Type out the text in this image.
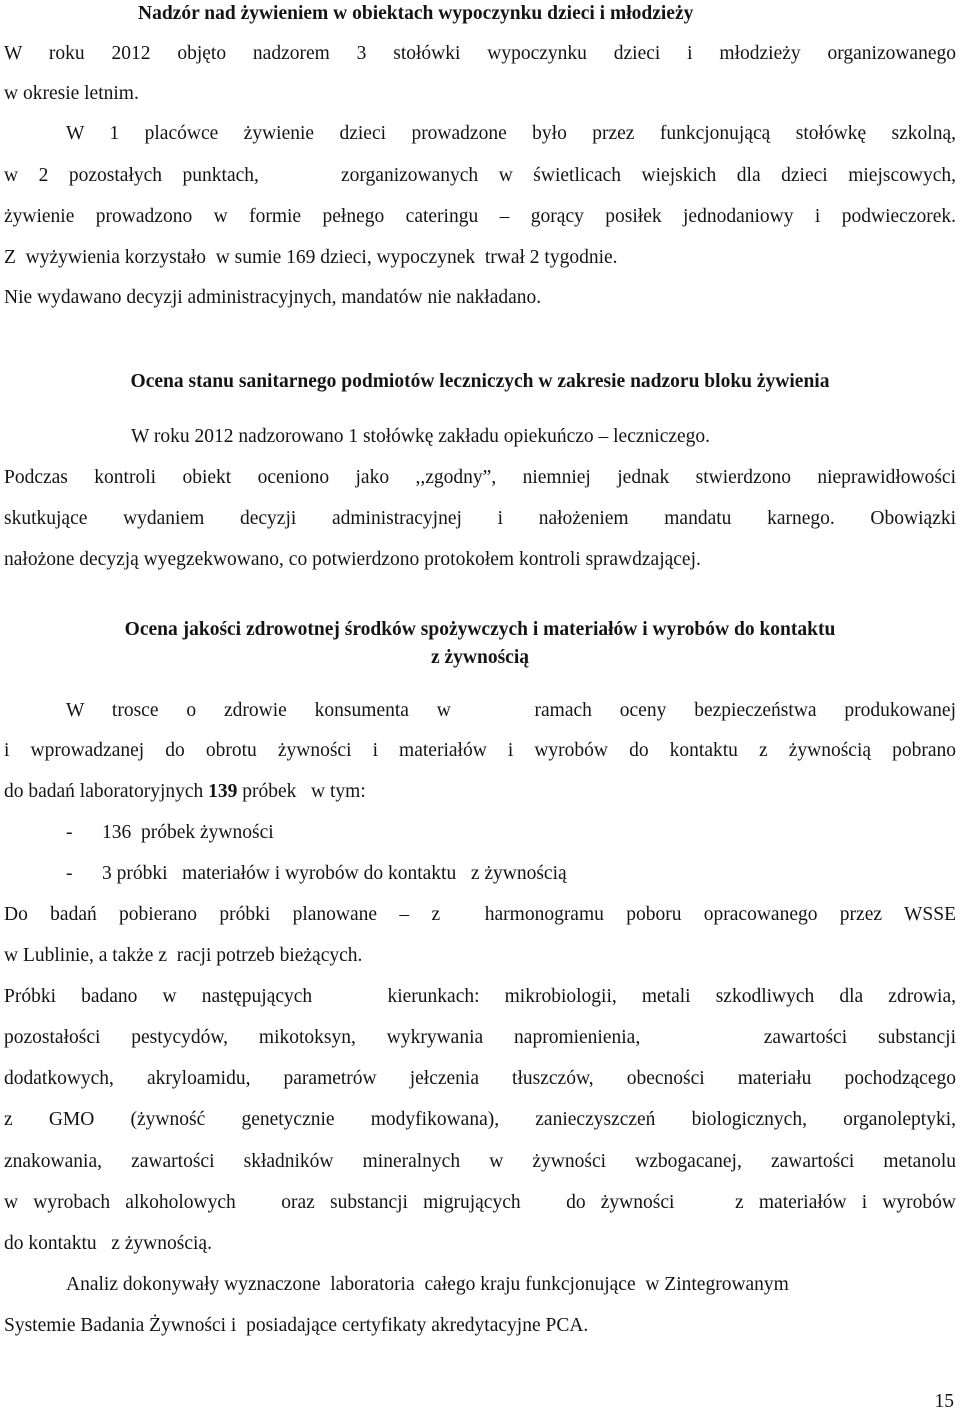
Nadzór nad żywieniem w obiektach wypoczynku dzieci i młodzieży
W roku 2012 objęto nadzorem 3 stołówki wypoczynku dzieci i młodzieży organizowanego
w okresie letnim.
W 1 placówce żywienie dzieci prowadzone było przez funkcjonującą stołówkę szkolną,
w 2 pozostałych punktach,    zorganizowanych w świetlicach wiejskich dla dzieci miejscowych,
żywienie prowadzono w formie pełnego cateringu – gorący posiłek jednodaniowy i podwieczorek.
Z  wyżywienia korzystało  w sumie 169 dzieci, wypoczynek  trwał 2 tygodnie.
Nie wydawano decyzji administracyjnych, mandatów nie nakładano.
Ocena stanu sanitarnego podmiotów leczniczych w zakresie nadzoru bloku żywienia
W roku 2012 nadzorowano 1 stołówkę zakładu opiekuńczo – leczniczego.
Podczas kontroli obiekt oceniono jako ,,zgodny”, niemniej jednak stwierdzono nieprawidłowości
skutkujące wydaniem decyzji administracyjnej i nałożeniem mandatu karnego. Obowiązki
nałożone decyzją wyegzekwowano, co potwierdzono protokołem kontroli sprawdzającej.
Ocena jakości zdrowotnej środków spożywczych i materiałów i wyrobów do kontaktu
z żywnością
W trosce o zdrowie konsumenta w   ramach oceny bezpieczeństwa produkowanej
i wprowadzanej do obrotu żywności i materiałów i wyrobów do kontaktu z żywnością pobrano
do badań laboratoryjnych 139 próbek   w tym:
- 136  próbek żywności
- 3 próbki   materiałów i wyrobów do kontaktu   z żywnością
Do badań pobierano próbki planowane – z  harmonogramu poboru opracowanego przez WSSE
w Lublinie, a także z  racji potrzeb bieżących.
Próbki badano w następujących   kierunkach: mikrobiologii, metali szkodliwych dla zdrowia,
pozostałości pestycydów, mikotoksyn, wykrywania napromienienia,    zawartości substancji
dodatkowych, akryloamidu, parametrów jełczenia tłuszczów, obecności materiału pochodzącego
z GMO (żywność genetycznie modyfikowana), zanieczyszczeń biologicznych, organoleptyki,
znakowania, zawartości składników mineralnych w żywności wzbogacanej, zawartości metanolu
w wyrobach alkoholowych   oraz substancji migrujących   do żywności    z materiałów i wyrobów
do kontaktu   z żywnością.
Analiz dokonywały wyznaczone  laboratoria  całego kraju funkcjonujące  w Zintegrowanym
Systemie Badania Żywności i  posiadające certyfikaty akredytacyjne PCA.
15
